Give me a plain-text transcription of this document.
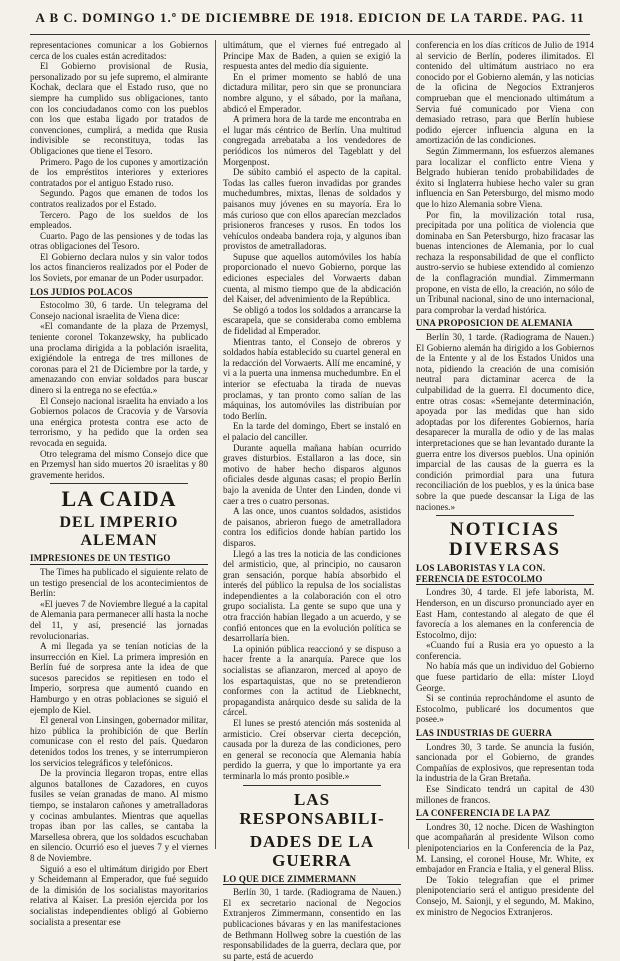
A B C. DOMINGO 1.º DE DICIEMBRE DE 1918. EDICION DE LA TARDE. PAG. 11

representaciones comunicar a los Gobiernos cerca de los cuales están acreditados:

El Gobierno provisional de Rusia, personalizado por su jefe supremo, el almirante Kochak, declara que el Estado ruso, que no siempre ha cumplido sus obligaciones, tanto con los conciudadanos como con los pueblos con los que estaba ligado por tratados de convenciones, cumplirá, a medida que Rusia indivisible se reconstituya, todas las Obligaciones que tiene el Tesoro.

Primero. Pago de los cupones y amortización de los empréstitos interiores y exteriores contratados por el antiguo Estado ruso.

Segundo. Pagos que emanen de todos los contratos realizados por el Estado.

Tercero. Pago de los sueldos de los empleados.

Cuarto. Pago de las pensiones y de todas las otras obligaciones del Tesoro.

El Gobierno declara nulos y sin valor todos los actos financieros realizados por el Poder de los Soviets, por emanar de un Poder usurpador.

LOS JUDIOS POLACOS

Estocolmo 30, 6 tarde. Un telegrama del Consejo nacional israelita de Viena dice:

«El comandante de la plaza de Przemysl, teniente coronel Tokanzewsky, ha publicado una proclama dirigida a la población israelita, exigiéndole la entrega de tres millones de coronas para el 21 de Diciembre por la tarde, y amenazando con enviar soldados para buscar dinero si la entrega no se efectúa.»

El Consejo nacional israelita ha enviado a los Gobiernos polacos de Cracovia y de Varsovia una enérgica protesta contra ese acto de terrorismo, y ha pedido que la orden sea revocada en seguida.

Otro telegrama del mismo Consejo dice que en Przemysl han sido muertos 20 israelitas y 80 gravemente heridos.

LA CAIDA
DEL IMPERIO ALEMAN
IMPRESIONES DE UN TESTIGO

The Times ha publicado el siguiente relato de un testigo presencial de los acontecimientos de Berlín:

«El jueves 7 de Noviembre llegué a la capital de Alemania para permanecer allí hasta la noche del 11, y así, presencié las jornadas revolucionarias.

A mi llegada ya se tenían noticias de la insurrección en Kiel. La primera impresión en Berlín fué de sorpresa ante la idea de que sucesos parecidos se repitiesen en todo el Imperio, sorpresa que aumentó cuando en Hamburgo y en otras poblaciones se siguió el ejemplo de Kiel.

El general von Linsingen, gobernador militar, hizo pública la prohibición de que Berlín comunicase con el resto del país. Quedaron detenidos todos los trenes, y se interrumpieron los servicios telegráficos y telefónicos.

De la provincia llegaron tropas, entre ellas algunos batallones de Cazadores, en cuyos fusiles se veían granadas de mano. Al mismo tiempo, se instalaron cañones y ametralladoras y cocinas ambulantes. Mientras que aquellas tropas iban por las calles, se cantaba la Marsellesa obrera, que los soldados escuchaban en silencio. Ocurrió eso el jueves 7 y el viernes 8 de Noviembre.

Siguió a eso el ultimátum dirigido por Ebert y Scheidemann al Emperador, que fué seguido de la dimisión de los socialistas mayoritarios relativa al Kaiser. La presión ejercida por los socialistas independientes obligó al Gobierno socialista a presentar ese

ultimátum, que el viernes fué entregado al Príncipe Max de Baden, a quien se exigió la respuesta antes del medio día siguiente.

En el primer momento se habló de una dictadura militar, pero sin que se pronunciara nombre alguno, y el sábado, por la mañana, abdicó el Emperador.

A primera hora de la tarde me encontraba en el lugar más céntrico de Berlín. Una multitud congregada arrebataba a los vendedores de periódicos los números del Tageblatt y del Morgenpost.

De súbito cambió el aspecto de la capital. Todas las calles fueron invadidas por grandes muchedumbres, mixtas, llenas de soldados y paisanos muy jóvenes en su mayoría. Era lo más curioso que con ellos aparecían mezclados prisioneros franceses y rusos. En todos los vehículos ondeaba bandera roja, y algunos iban provistos de ametralladoras.

Supuse que aquellos automóviles los había proporcionado el nuevo Gobierno, porque las ediciones especiales del Vorwaerts daban cuenta, al mismo tiempo que de la abdicación del Kaiser, del advenimiento de la República.

Se obligó a todos los soldados a arrancarse la escarapela, que se consideraba como emblema de fidelidad al Emperador.

Mientras tanto, el Consejo de obreros y soldados había establecido su cuartel general en la redacción del Vorwaerts. Allí me encaminé, y vi a la puerta una inmensa muchedumbre. En el interior se efectuaba la tirada de nuevas proclamas, y tan pronto como salían de las máquinas, los automóviles las distribuían por todo Berlín.

En la tarde del domingo, Ebert se instaló en el palacio del canciller.

Durante aquella mañana habían ocurrido graves disturbios. Estallaron a las doce, sin motivo de haber hecho disparos algunos oficiales desde algunas casas; el propio Berlín bajo la avenida de Unter den Linden, donde vi caer a tres o cuatro personas.

A las once, unos cuantos soldados, asistidos de paisanos, abrieron fuego de ametralladora contra los edificios donde habían partido los disparos.

Llegó a las tres la noticia de las condiciones del armisticio, que, al principio, no causaron gran sensación, porque había absorbido el interés del público la repulsa de los socialistas independientes a la colaboración con el otro grupo socialista. La gente se supo que una y otra fracción habían llegado a un acuerdo, y se confió entonces que en la evolución política se desarrollaría bien.

La opinión pública reaccionó y se dispuso a hacer frente a la anarquía. Parece que los socialistas se afianzaron, merced al apoyo de los espartaquistas, que no se pretendieron conformes con la actitud de Liebknecht, propagandista anárquico desde su salida de la cárcel.

El lunes se prestó atención más sostenida al armisticio. Creí observar cierta decepción, causada por la dureza de las condiciones, pero en general se reconocía que Alemania había perdido la guerra, y que lo importante ya era terminarla lo más pronto posible.»

LAS RESPONSABILI-
DADES DE LA GUERRA
LO QUE DICE ZIMMERMANN

Berlín 30, 1 tarde. (Radiograma de Nauen.) El ex secretario nacional de Negocios Extranjeros Zimmermann, consentido en las publicaciones bávaras y en las manifestaciones de Bethmann Hollweg sobre la cuestión de las responsabilidades de la guerra, declara que, por su parte, está de acuerdo

conferencia en los días críticos de Julio de 1914 al servicio de Berlín, poderes ilimitados. El contenido del ultimátum austriaco no era conocido por el Gobierno alemán, y las noticias de la oficina de Negocios Extranjeros comprueban que el mencionado ultimátum a Servia fué comunicado por Viena con demasiado retraso, para que Berlín hubiese podido ejercer influencia alguna en la amortización de las condiciones.

Según Zimmermann, los esfuerzos alemanes para localizar el conflicto entre Viena y Belgrado hubieran tenido probabilidades de éxito si Inglaterra hubiese hecho valer su gran influencia en San Petersburgo, del mismo modo que lo hizo Alemania sobre Viena.

Por fin, la movilización total rusa, precipitada por una política de violencia que dominaba en San Petersburgo, hizo fracasar las buenas intenciones de Alemania, por lo cual rechaza la responsabilidad de que el conflicto austro-servio se hubiese extendido al comienzo de la conflagración mundial. Zimmermann propone, en vista de ello, la creación, no sólo de un Tribunal nacional, sino de uno internacional, para comprobar la verdad histórica.

UNA PROPOSICION DE ALEMANIA

Berlín 30, 1 tarde. (Radiograma de Nauen.) El Gobierno alemán ha dirigido a los Gobiernos de la Entente y al de los Estados Unidos una nota, pidiendo la creación de una comisión neutral para dictaminar acerca de la culpabilidad de la guerra. El documento dice, entre otras cosas: «Semejante determinación, apoyada por las medidas que han sido adoptadas por los diferentes Gobiernos, haría desaparecer la muralla de odio y de las malas interpretaciones que se han levantado durante la guerra entre los diversos pueblos. Una opinión imparcial de las causas de la guerra es la condición primordial para una futura reconciliación de los pueblos, y es la única base sobre la que puede descansar la Liga de las naciones.»

NOTICIAS DIVERSAS
LOS LABORISTAS Y LA CON.
FERENCIA DE ESTOCOLMO

Londres 30, 4 tarde. El jefe laborista, M. Henderson, en un discurso pronunciado ayer en East Ham, contestando al alegato de que él favorecía a los alemanes en la conferencia de Estocolmo, dijo:

«Cuando fuí a Rusia era yo opuesto a la conferencia.

No había más que un individuo del Gobierno que fuese partidario de ella: míster Lloyd George.

Si se continúa reprochándome el asunto de Estocolmo, publicaré los documentos que posee.»

LAS INDUSTRIAS DE GUERRA

Londres 30, 3 tarde. Se anuncia la fusión, sancionada por el Gobierno, de grandes Compañías de explosivos, que representan toda la industria de la Gran Bretaña.

Ese Sindicato tendrá un capital de 430 millones de francos.

LA CONFERENCIA DE LA PAZ

Londres 30, 12 noche. Dicen de Washington que acompañarán al presidente Wilson como plenipotenciarios en la Conferencia de la Paz, M. Lansing, el coronel House, Mr. White, ex embajador en Francia e Italia, y el general Bliss.

De Tokio telegrafían que el primer plenipotenciario será el antiguo presidente del Consejo, M. Saionji, y el segundo, M. Makino, ex ministro de Negocios Extranjeros.
